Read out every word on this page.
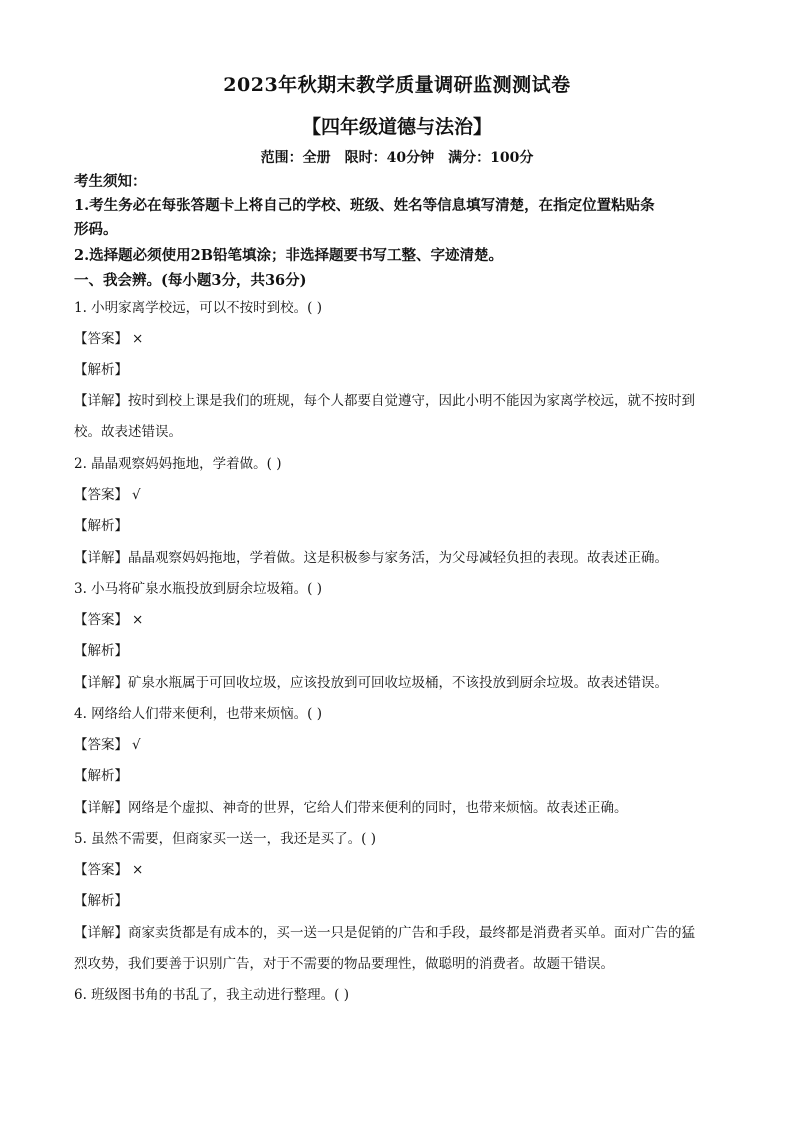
2023年秋期末教学质量调研监测测试卷
【四年级道德与法治】
范围：全册　限时：40分钟　满分：100分
考生须知：
1.考生务必在每张答题卡上将自己的学校、班级、姓名等信息填写清楚，在指定位置粘贴条
形码。
2.选择题必须使用2B铅笔填涂；非选择题要书写工整、字迹清楚。
一、我会辨。(每小题3分，共36分)
1. 小明家离学校远，可以不按时到校。( )
【答案】 ×
【解析】
【详解】按时到校上课是我们的班规，每个人都要自觉遵守，因此小明不能因为家离学校远，就不按时到
校。故表述错误。
2. 晶晶观察妈妈拖地，学着做。( )
【答案】 √
【解析】
【详解】晶晶观察妈妈拖地，学着做。这是积极参与家务活，为父母减轻负担的表现。故表述正确。
3. 小马将矿泉水瓶投放到厨余垃圾箱。( )
【答案】 ×
【解析】
【详解】矿泉水瓶属于可回收垃圾，应该投放到可回收垃圾桶，不该投放到厨余垃圾。故表述错误。
4. 网络给人们带来便利，也带来烦恼。( )
【答案】 √
【解析】
【详解】网络是个虚拟、神奇的世界，它给人们带来便利的同时，也带来烦恼。故表述正确。
5. 虽然不需要，但商家买一送一，我还是买了。( )
【答案】 ×
【解析】
【详解】商家卖货都是有成本的，买一送一只是促销的广告和手段，最终都是消费者买单。面对广告的猛
烈攻势，我们要善于识别广告，对于不需要的物品要理性，做聪明的消费者。故题干错误。
6. 班级图书角的书乱了，我主动进行整理。( )
